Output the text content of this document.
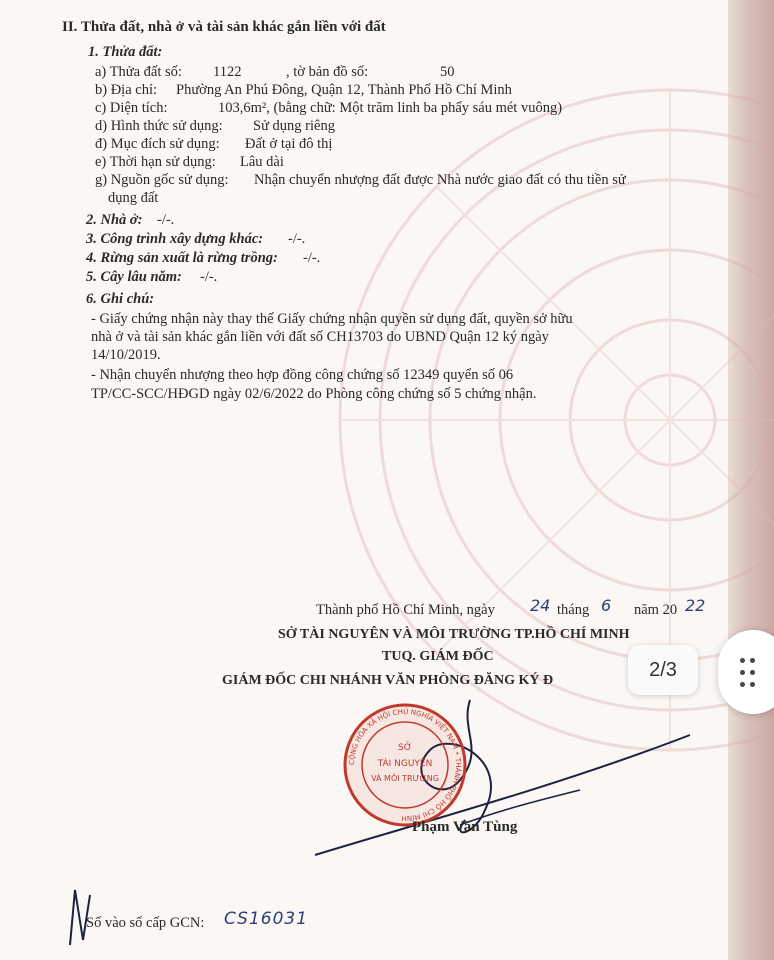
II. Thửa đất, nhà ở và tài sản khác gắn liền với đất
1. Thửa đất:
a) Thửa đất số: 1122	, tờ bản đồ số:	50
b) Địa chỉ: Phường An Phú Đông, Quận 12, Thành Phố Hồ Chí Minh
c) Diện tích:	103,6m², (bằng chữ: Một trăm linh ba phẩy sáu mét vuông)
d) Hình thức sử dụng: Sử dụng riêng
đ) Mục đích sử dụng: Đất ở tại đô thị
e) Thời hạn sử dụng: Lâu dài
g) Nguồn gốc sử dụng: Nhận chuyển nhượng đất được Nhà nước giao đất có thu tiền sử
dụng đất
2. Nhà ở: -/-.
3. Công trình xây dựng khác: -/-.
4. Rừng sản xuất là rừng trồng: -/-.
5. Cây lâu năm: -/-.
6. Ghi chú:
- Giấy chứng nhận này thay thế Giấy chứng nhận quyền sử dụng đất, quyền sở hữu
nhà ở và tài sản khác gắn liền với đất số CH13703 do UBND Quận 12 ký ngày
14/10/2019.
- Nhận chuyển nhượng theo hợp đồng công chứng số 12349 quyển số 06
TP/CC-SCC/HĐGD ngày 02/6/2022 do Phòng công chứng số 5 chứng nhận.
Thành phố Hồ Chí Minh, ngày 24 tháng 6 năm 20 22
SỞ TÀI NGUYÊN VÀ MÔI TRƯỜNG TP.HỒ CHÍ MINH
TUQ. GIÁM ĐỐC
GIÁM ĐỐC CHI NHÁNH VĂN PHÒNG ĐĂNG KÝ Đ
CỘNG HÒA XÃ HỘI CHỦ NGHĨA VIỆT NAM • THÀNH PHỐ HỒ CHÍ MINH
SỞ
TÀI NGUYÊN
VÀ MÔI TRƯỜNG
Phạm Văn Tùng
Số vào sổ cấp GCN: CS16031
2/3
